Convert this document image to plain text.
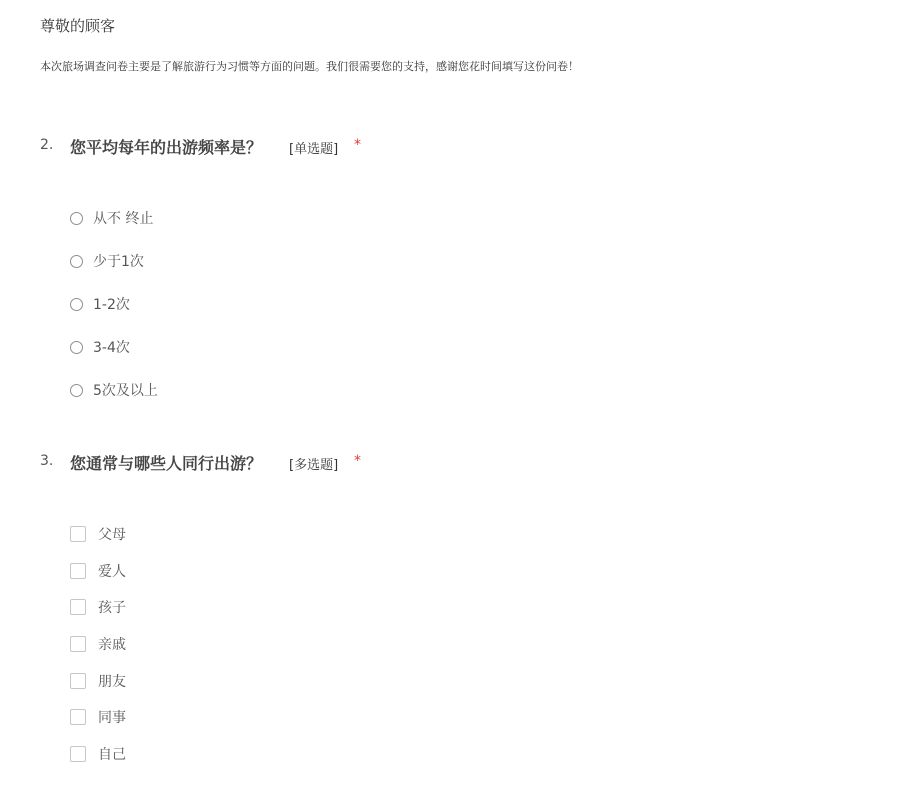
尊敬的顾客

本次旅场调查问卷主要是了解旅游行为习惯等方面的问题。我们很需要您的支持，感谢您花时间填写这份问卷！

2. 您平均每年的出游频率是？ [单选题] *
从不 终止
少于1次
1-2次
3-4次
5次及以上
3. 您通常与哪些人同行出游？ [多选题] *
父母
爱人
孩子
亲戚
朋友
同事
自己
